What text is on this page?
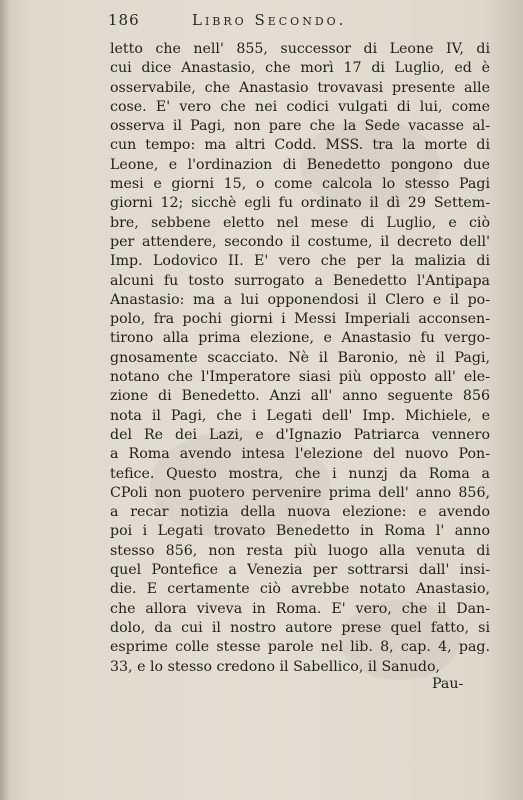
186	Libro Secondo.
letto che nell' 855, successor di Leone IV, di
cui dice Anastasio, che morì 17 di Luglio, ed è
osservabile, che Anastasio trovavasi presente alle
cose. E' vero che nei codici vulgati di lui, come
osserva il Pagi, non pare che la Sede vacasse al-
cun tempo: ma altri Codd. MSS. tra la morte di
Leone, e l'ordinazion di Benedetto pongono due
mesi e giorni 15, o come calcola lo stesso Pagi
giorni 12; sicchè egli fu ordinato il dì 29 Settem-
bre, sebbene eletto nel mese di Luglio, e ciò
per attendere, secondo il costume, il decreto dell'
Imp. Lodovico II. E' vero che per la malizia di
alcuni fu tosto surrogato a Benedetto l'Antipapa
Anastasio: ma a lui opponendosi il Clero e il po-
polo, fra pochi giorni i Messi Imperiali acconsen-
tirono alla prima elezione, e Anastasio fu vergo-
gnosamente scacciato. Nè il Baronio, nè il Pagi,
notano che l'Imperatore siasi più opposto all' ele-
zione di Benedetto. Anzi all' anno seguente 856
nota il Pagi, che i Legati dell' Imp. Michiele, e
del Re dei Lazi, e d'Ignazio Patriarca vennero
a Roma avendo intesa l'elezione del nuovo Pon-
tefice. Questo mostra, che i nunzj da Roma a
CPoli non puotero pervenire prima dell' anno 856,
a recar notizia della nuova elezione: e avendo
poi i Legati trovato Benedetto in Roma l' anno
stesso 856, non resta più luogo alla venuta di
quel Pontefice a Venezia per sottrarsi dall' insi-
die. E certamente ciò avrebbe notato Anastasio,
che allora viveva in Roma. E' vero, che il Dan-
dolo, da cui il nostro autore prese quel fatto, si
esprime colle stesse parole nel lib. 8, cap. 4, pag.
33, e lo stesso credono il Sabellico, il Sanudo,
Pau-
